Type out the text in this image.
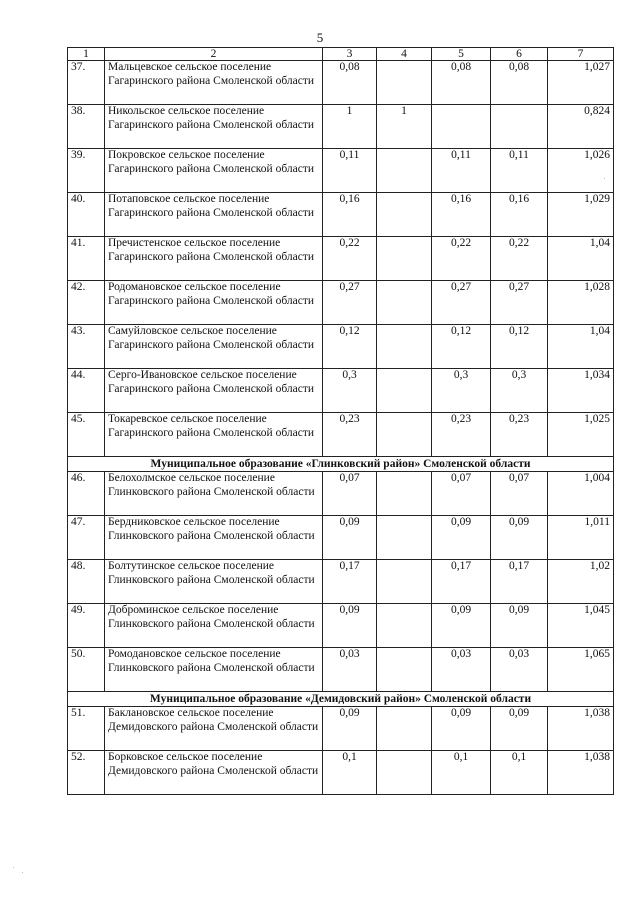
5
1	2	3	4	5	6	7
37.	Мальцевское сельское поселение Гагаринского района Смоленской области	0,08		0,08	0,08	1,027
38.	Никольское сельское поселение Гагаринского района Смоленской области	1	1			0,824
39.	Покровское сельское поселение Гагаринского района Смоленской области	0,11		0,11	0,11	1,026
40.	Потаповское сельское поселение Гагаринского района Смоленской области	0,16		0,16	0,16	1,029
41.	Пречистенское сельское поселение Гагаринского района Смоленской области	0,22		0,22	0,22	1,04
42.	Родомановское сельское поселение Гагаринского района Смоленской области	0,27		0,27	0,27	1,028
43.	Самуйловское сельское поселение Гагаринского района Смоленской области	0,12		0,12	0,12	1,04
44.	Серго-Ивановское сельское поселение Гагаринского района Смоленской области	0,3		0,3	0,3	1,034
45.	Токаревское сельское поселение Гагаринского района Смоленской области	0,23		0,23	0,23	1,025
Муниципальное образование «Глинковский район» Смоленской области						
46.	Белохолмское сельское поселение Глинковского района Смоленской области	0,07		0,07	0,07	1,004
47.	Бердниковское сельское поселение Глинковского района Смоленской области	0,09		0,09	0,09	1,011
48.	Болтутинское сельское поселение Глинковского района Смоленской области	0,17		0,17	0,17	1,02
49.	Доброминское сельское поселение Глинковского района Смоленской области	0,09		0,09	0,09	1,045
50.	Ромодановское сельское поселение Глинковского района Смоленской области	0,03		0,03	0,03	1,065
Муниципальное образование «Демидовский район» Смоленской области						
51.	Баклановское сельское поселение Демидовского района Смоленской области	0,09		0,09	0,09	1,038
52.	Борковское сельское поселение Демидовского района Смоленской области	0,1		0,1	0,1	1,038
